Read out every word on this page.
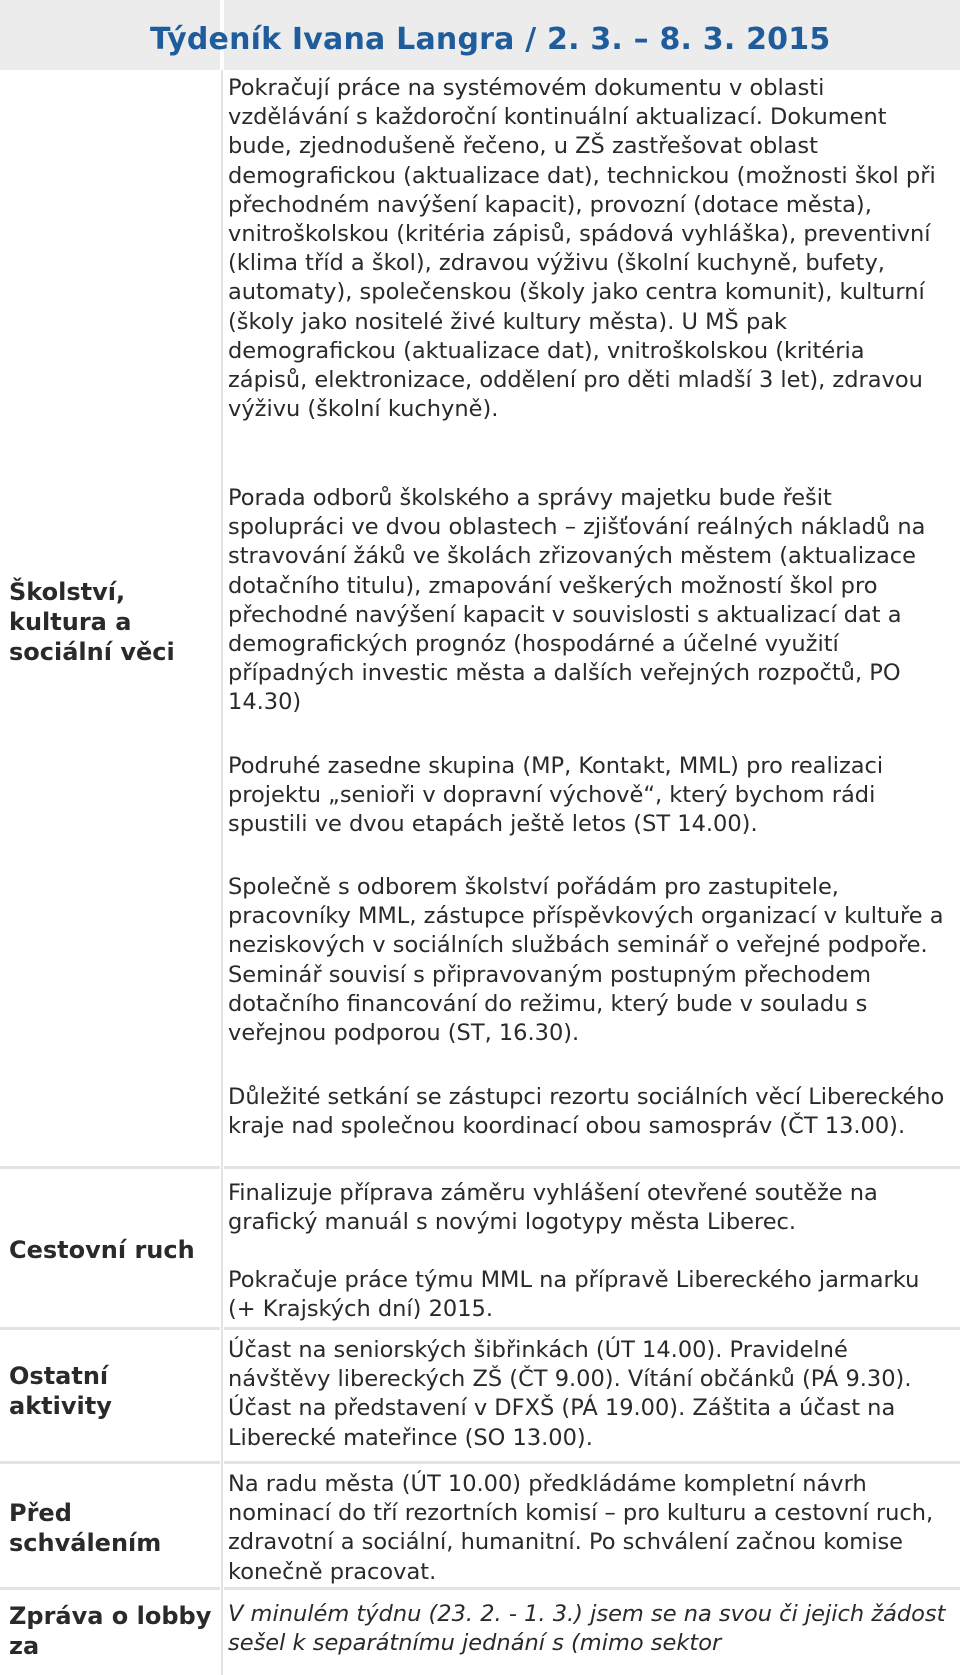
Týdeník Ivana Langra / 2. 3. – 8. 3. 2015
Školství, kultura a sociální věci

Pokračují práce na systémovém dokumentu v oblasti vzdělávání s každoroční kontinuální aktualizací. Dokument bude, zjednodušeně řečeno, u ZŠ zastřešovat oblast demografickou (aktualizace dat), technickou (možnosti škol při přechodném navýšení kapacit), provozní (dotace města), vnitroškolskou (kritéria zápisů, spádová vyhláška), preventivní (klima tříd a škol), zdravou výživu (školní kuchyně, bufety, automaty), společenskou (školy jako centra komunit), kulturní (školy jako nositelé živé kultury města). U MŠ pak demografickou (aktualizace dat), vnitroškolskou (kritéria zápisů, elektronizace, oddělení pro děti mladší 3 let), zdravou výživu (školní kuchyně).

Porada odborů školského a správy majetku bude řešit spolupráci ve dvou oblastech – zjišťování reálných nákladů na stravování žáků ve školách zřizovaných městem (aktualizace dotačního titulu), zmapování veškerých možností škol pro přechodné navýšení kapacit v souvislosti s aktualizací dat a demografických prognóz (hospodárné a účelné využití případných investic města a dalších veřejných rozpočtů, PO 14.30)

Podruhé zasedne skupina (MP, Kontakt, MML) pro realizaci projektu „senioři v dopravní výchově“, který bychom rádi spustili ve dvou etapách ještě letos (ST 14.00).

Společně s odborem školství pořádám pro zastupitele, pracovníky MML, zástupce příspěvkových organizací v kultuře a neziskových v sociálních službách seminář o veřejné podpoře. Seminář souvisí s připravovaným postupným přechodem dotačního financování do režimu, který bude v souladu s veřejnou podporou (ST, 16.30).

Důležité setkání se zástupci rezortu sociálních věcí Libereckého kraje nad společnou koordinací obou samospráv (ČT 13.00).

Cestovní ruch

Finalizuje příprava záměru vyhlášení otevřené soutěže na grafický manuál s novými logotypy města Liberec.

Pokračuje práce týmu MML na přípravě Libereckého jarmarku (+ Krajských dní) 2015.

Ostatní aktivity

Účast na seniorských šibřinkách (ÚT 14.00). Pravidelné návštěvy libereckých ZŠ (ČT 9.00). Vítání občánků (PÁ 9.30). Účast na představení v DFXŠ (PÁ 19.00). Záštita a účast na Liberecké mateřince (SO 13.00).

Před schválením

Na radu města (ÚT 10.00) předkládáme kompletní návrh nominací do tří rezortních komisí – pro kulturu a cestovní ruch, zdravotní a sociální, humanitní. Po schválení začnou komise konečně pracovat.

Zpráva o lobby za

V minulém týdnu (23. 2. - 1. 3.) jsem se na svou či jejich žádost sešel k separátnímu jednání s (mimo sektor
